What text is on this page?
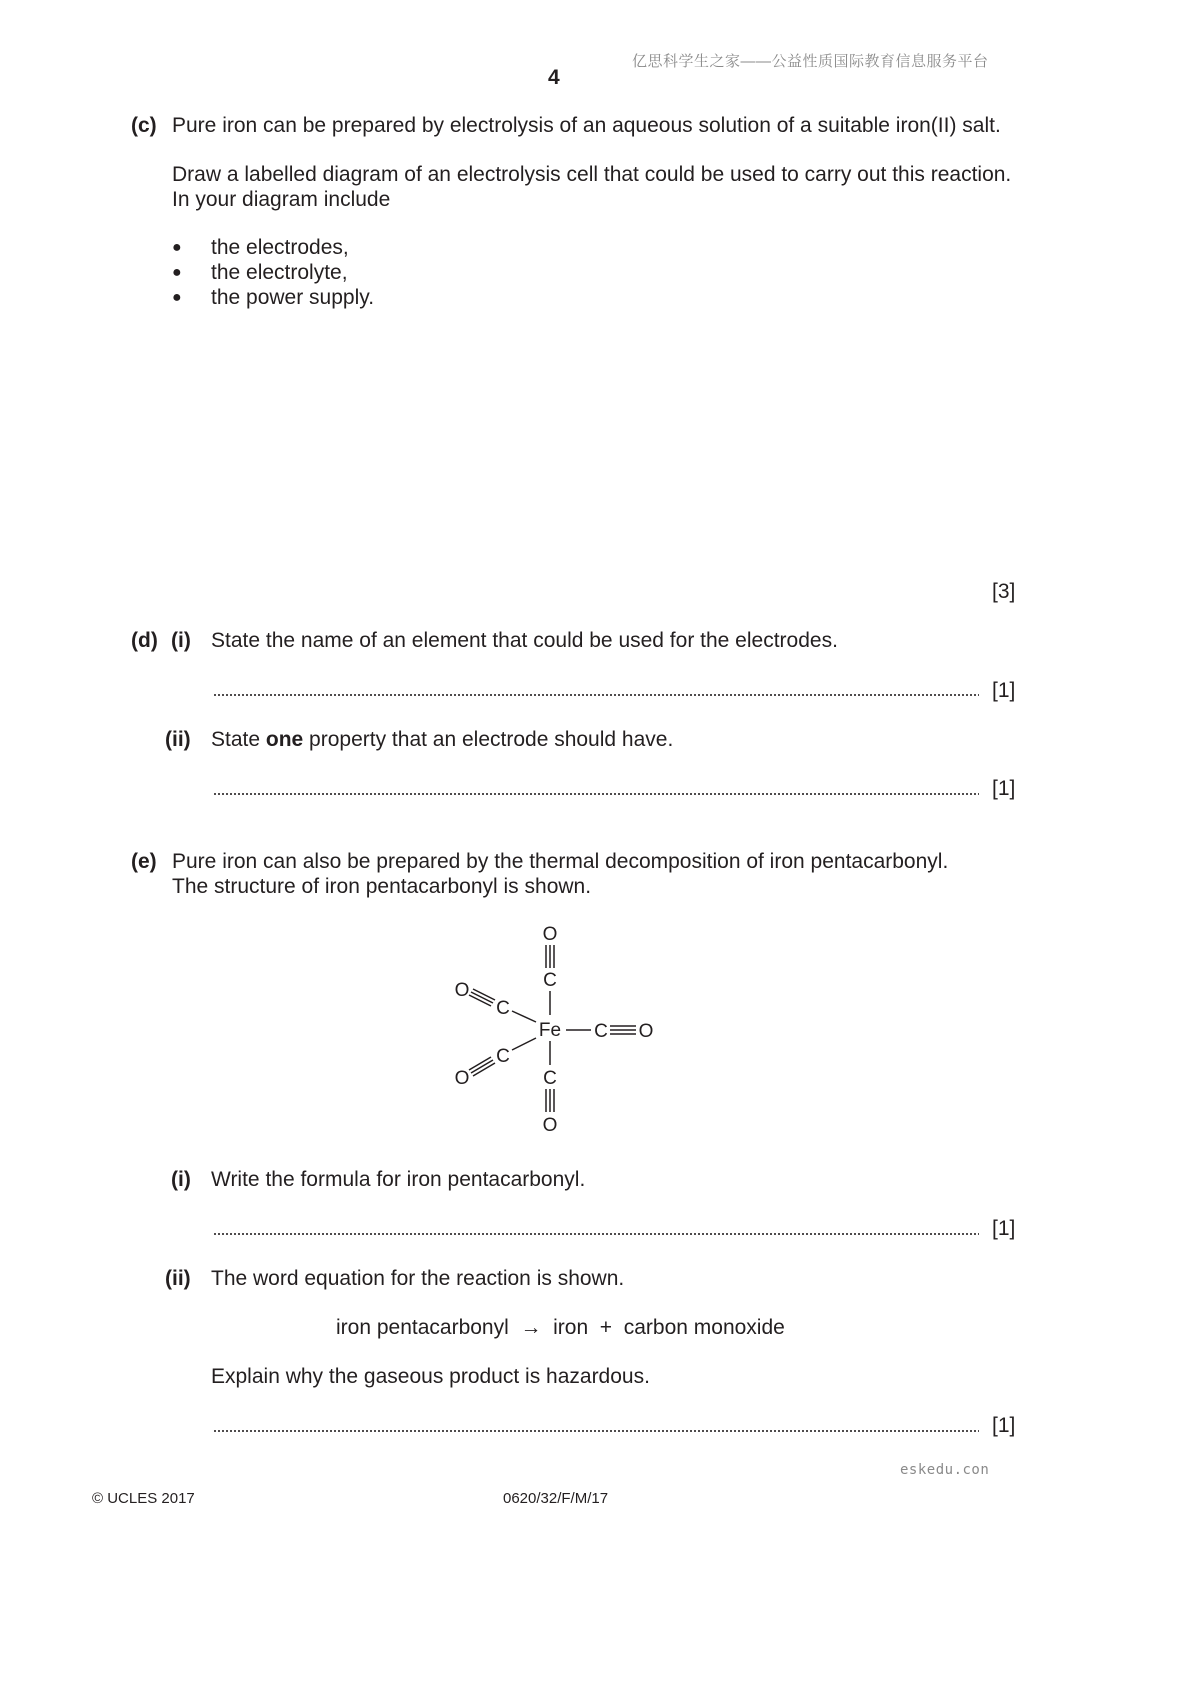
亿思科学生之家——公益性质国际教育信息服务平台
4
(c) Pure iron can be prepared by electrolysis of an aqueous solution of a suitable iron(II) salt.
Draw a labelled diagram of an electrolysis cell that could be used to carry out this reaction.
In your diagram include
● the electrodes,
● the electrolyte,
● the power supply.
[3]
(d) (i) State the name of an element that could be used for the electrodes.
[1]
(ii) State one property that an electrode should have.
[1]
(e) Pure iron can also be prepared by the thermal decomposition of iron pentacarbonyl.
The structure of iron pentacarbonyl is shown.
Fe
O
C
C
O
C O
O
C
C
O
(i) Write the formula for iron pentacarbonyl.
[1]
(ii) The word equation for the reaction is shown.
iron pentacarbonyl  →  iron  +  carbon monoxide
Explain why the gaseous product is hazardous.
[1]
eskedu.con
© UCLES 2017	0620/32/F/M/17
